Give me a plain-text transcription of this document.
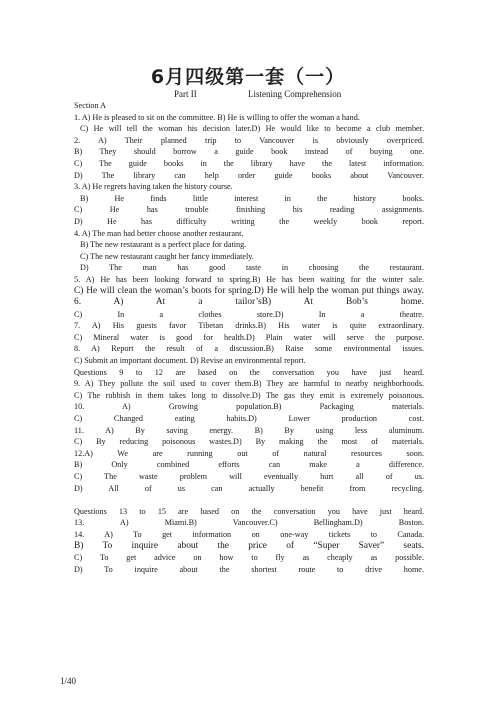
6月四级第一套（一）
Part II	Listening Comprehension
Section A
1. A) He is pleased to sit on the committee. B) He is willing to offer the woman a hand.
C) He will tell the woman his decision later.D) He would like to become a club member.
2. A) Their planned trip to Vancouver is obviously overpriced.
B) They should borrow a guide book instead of buying one.
C) The guide books in the library have the latest information.
D) The library can help order guide books about Vancouver.
3. A) He regrets having taken the history course.
B) He finds little interest in the history books.
C) He has trouble finishing his reading assignments.
D) He has difficulty writing the weekly book report.
4. A) The man had better choose another restaurant.
B) The new restaurant is a perfect place for dating.
C) The new restaurant caught her fancy immediately.
D) The man has good taste in choosing the restaurant.
5. A) He has been looking forward to spring.B) He has been waiting for the winter sale.
C) He will clean the woman’s boots for spring.D) He will help the woman put things away.
6. A) At a tailor’sB) At Bob’s home.
C) In a clothes store.D) In a theatre.
7. A) His guests favor Tibetan drinks.B) His water is quite extraordinary.
C) Mineral water is good for health.D) Plain water will serve the purpose.
8. A) Report the result of a discussion.B) Raise some environmental issues.
C) Submit an important document. D) Revise an environmental report.
Questions 9 to 12 are based on the conversation you have just heard.
9. A) They pollute the soil used to cover them.B) They are harmful to nearby neighborhoods.
C) The rubbish in them takes long to dissolve.D) The gas they emit is extremely poisonous.
10. A) Growing population.B) Packaging materials.
C) Changed eating habits.D) Lower production cost.
11. A) By saving energy. B) By using less aluminum.
C) By reducing poisonous wastes.D) By making the most of materials.
12.A) We are running out of natural resources soon.
B) Only combined efforts can make a difference.
C) The waste problem will eventually hurt all of us.
D) All of us can actually benefit from recycling.
Questions 13 to 15 are based on the conversation you have just heard.
13. A) Miami.B) Vancouver.C) Bellingham.D) Boston.
14. A) To get information on one-way tickets to Canada.
B) To inquire about the price of “Super Saver” seats.
C) To get advice on how to fly as cheaply as possible.
D) To inquire about the shortest route to drive home.
1/40
